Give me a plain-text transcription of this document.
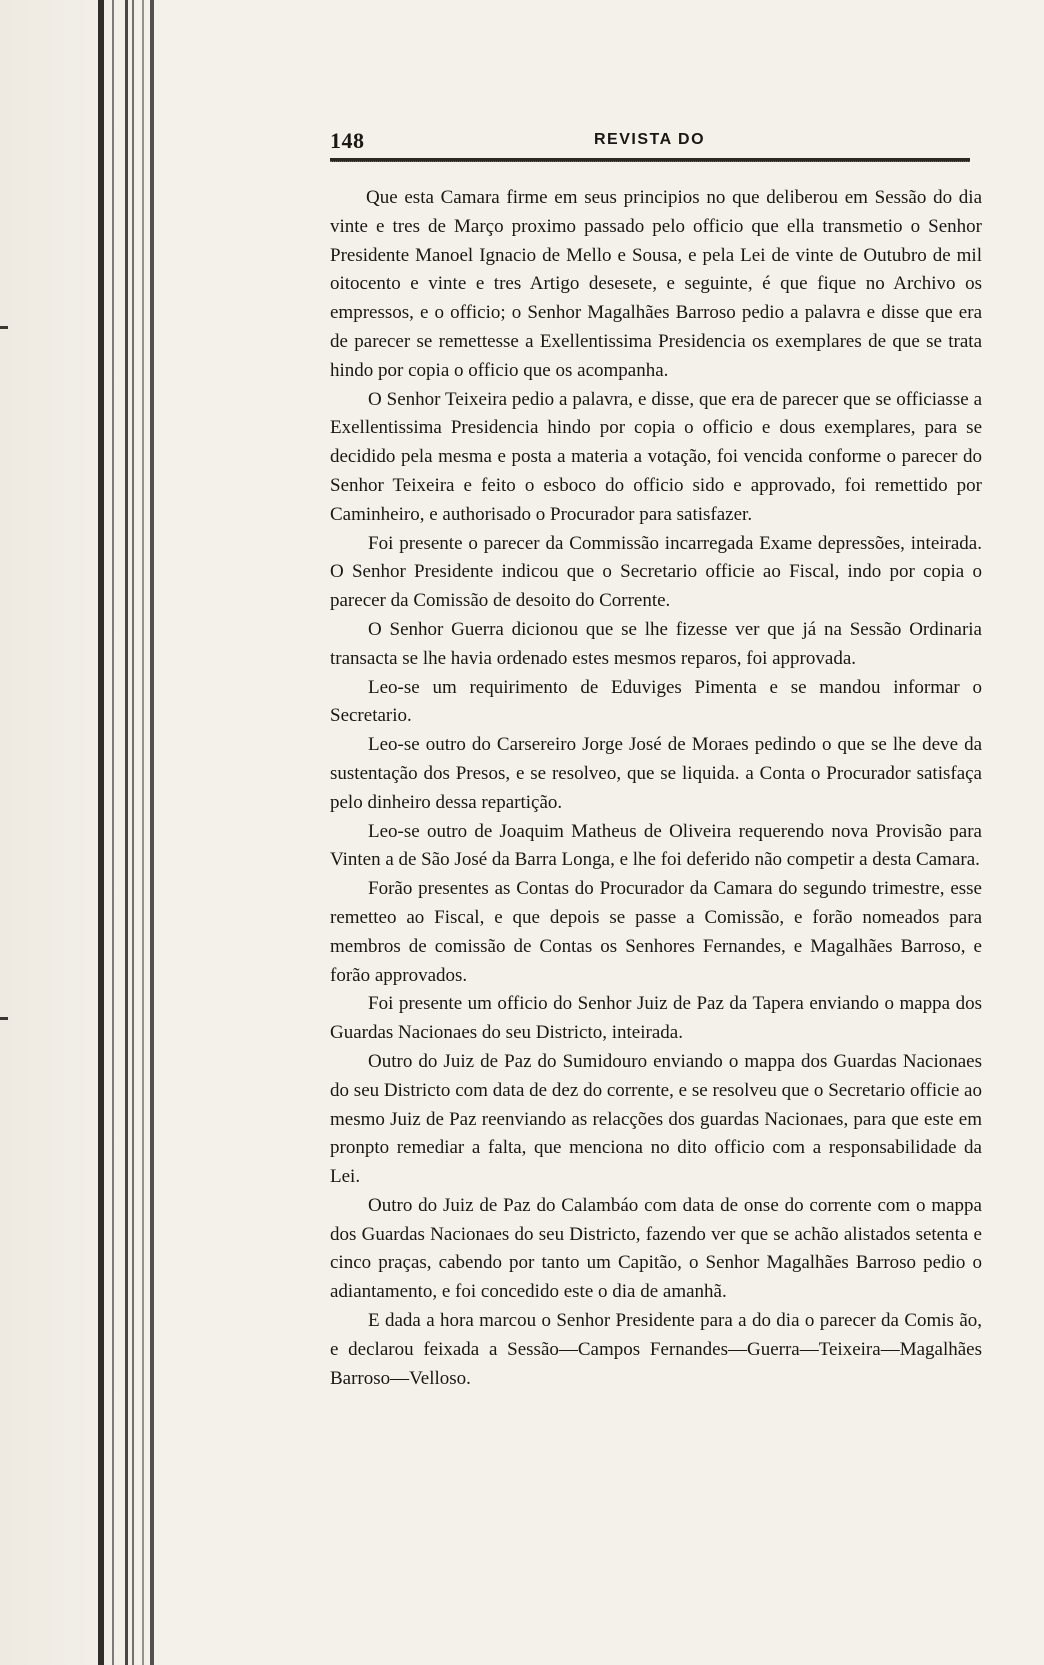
148	REVISTA DO

Que esta Camara firme em seus principios no que deliberou em Sessão do dia vinte e tres de Março proximo passado pelo officio que ella transmetio o Senhor Presidente Manoel Ignacio de Mello e Sousa, e pela Lei de vinte de Outubro de mil oitocento e vinte e tres Artigo desesete, e seguinte, é que fique no Archivo os empressos, e o officio; o Senhor Magalhães Barroso pedio a palavra e disse que era de parecer se remettesse a Exellentissima Presidencia os exemplares de que se trata hindo por copia o officio que os acompanha.

O Senhor Teixeira pedio a palavra, e disse, que era de parecer que se officiasse a Exellentissima Presidencia hindo por copia o officio e dous exemplares, para se decidido pela mesma e posta a materia a votação, foi vencida conforme o parecer do Senhor Teixeira e feito o esboco do officio sido e approvado, foi remettido por Caminheiro, e authorisado o Procurador para satisfazer.

Foi presente o parecer da Commissão incarregada Exame depressões, inteirada. O Senhor Presidente indicou que o Secretario officie ao Fiscal, indo por copia o parecer da Comissão de desoito do Corrente.

O Senhor Guerra dicionou que se lhe fizesse ver que já na Sessão Ordinaria transacta se lhe havia ordenado estes mesmos reparos, foi approvada.

Leo-se um requirimento de Eduviges Pimenta e se mandou informar o Secretario.

Leo-se outro do Carsereiro Jorge José de Moraes pedindo o que se lhe deve da sustentação dos Presos, e se resolveo, que se liquida. a Conta o Procurador satisfaça pelo dinheiro dessa repartição.

Leo-se outro de Joaquim Matheus de Oliveira requerendo nova Provisão para Vinten a de São José da Barra Longa, e lhe foi deferido não competir a desta Camara.

Forão presentes as Contas do Procurador da Camara do segundo trimestre, esse remetteo ao Fiscal, e que depois se passe a Comissão, e forão nomeados para membros de comissão de Contas os Senhores Fernandes, e Magalhães Barroso, e forão approvados.

Foi presente um officio do Senhor Juiz de Paz da Tapera enviando o mappa dos Guardas Nacionaes do seu Districto, inteirada.

Outro do Juiz de Paz do Sumidouro enviando o mappa dos Guardas Nacionaes do seu Districto com data de dez do corrente, e se resolveu que o Secretario officie ao mesmo Juiz de Paz reenviando as relacções dos guardas Nacionaes, para que este em pronpto remediar a falta, que menciona no dito officio com a responsabilidade da Lei.

Outro do Juiz de Paz do Calambáo com data de onse do corrente com o mappa dos Guardas Nacionaes do seu Districto, fazendo ver que se achão alistados setenta e cinco praças, cabendo por tanto um Capitão, o Senhor Magalhães Barroso pedio o adiantamento, e foi concedido este o dia de amanhã.

E dada a hora marcou o Senhor Presidente para a do dia o parecer da Comis ão, e declarou feixada a Sessão—Campos Fernandes—Guerra—Teixeira—Magalhães Barroso—Velloso.
